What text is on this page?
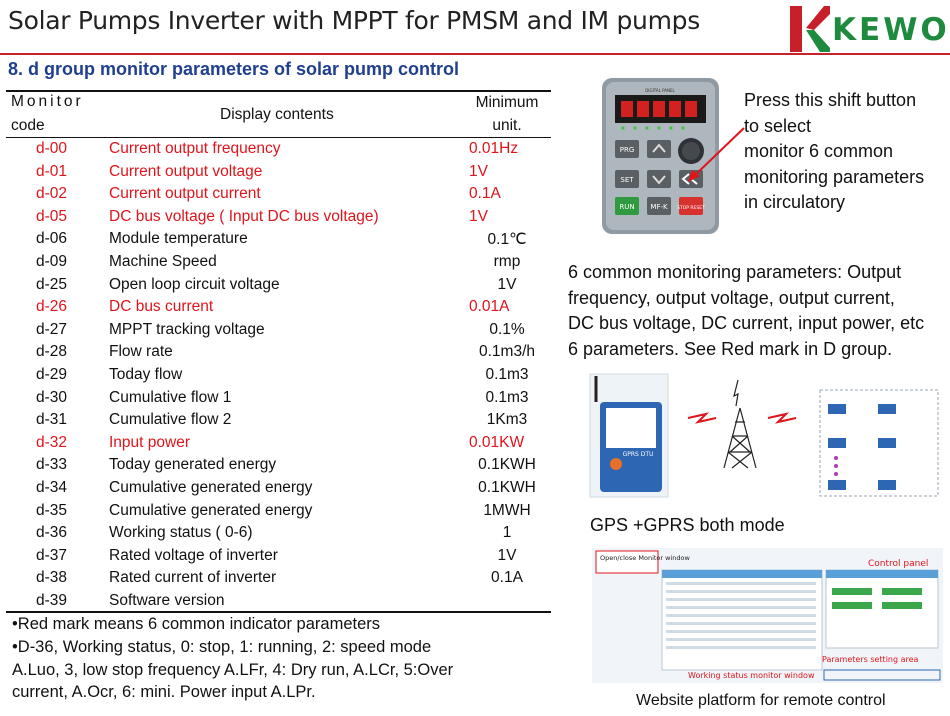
Solar Pumps Inverter with MPPT for PMSM and IM pumps	KEWO
8. d group monitor parameters of solar pump control
Monitor
code
Display contents
Minimum
unit.
d-00	Current output frequency	0.01Hz
d-01	Current output voltage	1V
d-02	Current output current	0.1A
d-05	DC bus voltage ( Input DC bus voltage)	1V
d-06	Module temperature	0.1℃
d-09	Machine Speed	rmp
d-25	Open loop circuit voltage	1V
d-26	DC bus current	0.01A
d-27	MPPT tracking voltage	0.1%
d-28	Flow rate	0.1m3/h
d-29	Today flow	0.1m3
d-30	Cumulative flow 1	0.1m3
d-31	Cumulative flow 2	1Km3
d-32	Input power	0.01KW
d-33	Today generated energy	0.1KWH
d-34	Cumulative generated energy	0.1KWH
d-35	Cumulative generated energy	1MWH
d-36	Working status ( 0-6)	1
d-37	Rated voltage of inverter	1V
d-38	Rated current of inverter	0.1A
d-39	Software version
•Red mark means 6 common indicator parameters
•D-36, Working status, 0: stop, 1: running, 2: speed mode
A.Luo, 3, low stop frequency A.LFr, 4: Dry run, A.LCr, 5:Over
current, A.Ocr, 6: mini. Power input A.LPr.
DIGITAL PANEL
PRG
SET
RUN MF-K STOP RESET
Press this shift button
to select
monitor 6 common
monitoring parameters
in circulatory
6 common monitoring parameters: Output
frequency, output voltage, output current,
DC bus voltage, DC current, input power, etc
6 parameters. See Red mark in D group.
GPRS DTU
GPS +GPRS both mode
Open/close Monitor window
Working status monitor window
Control panel
Parameters setting area
Website platform for remote control
